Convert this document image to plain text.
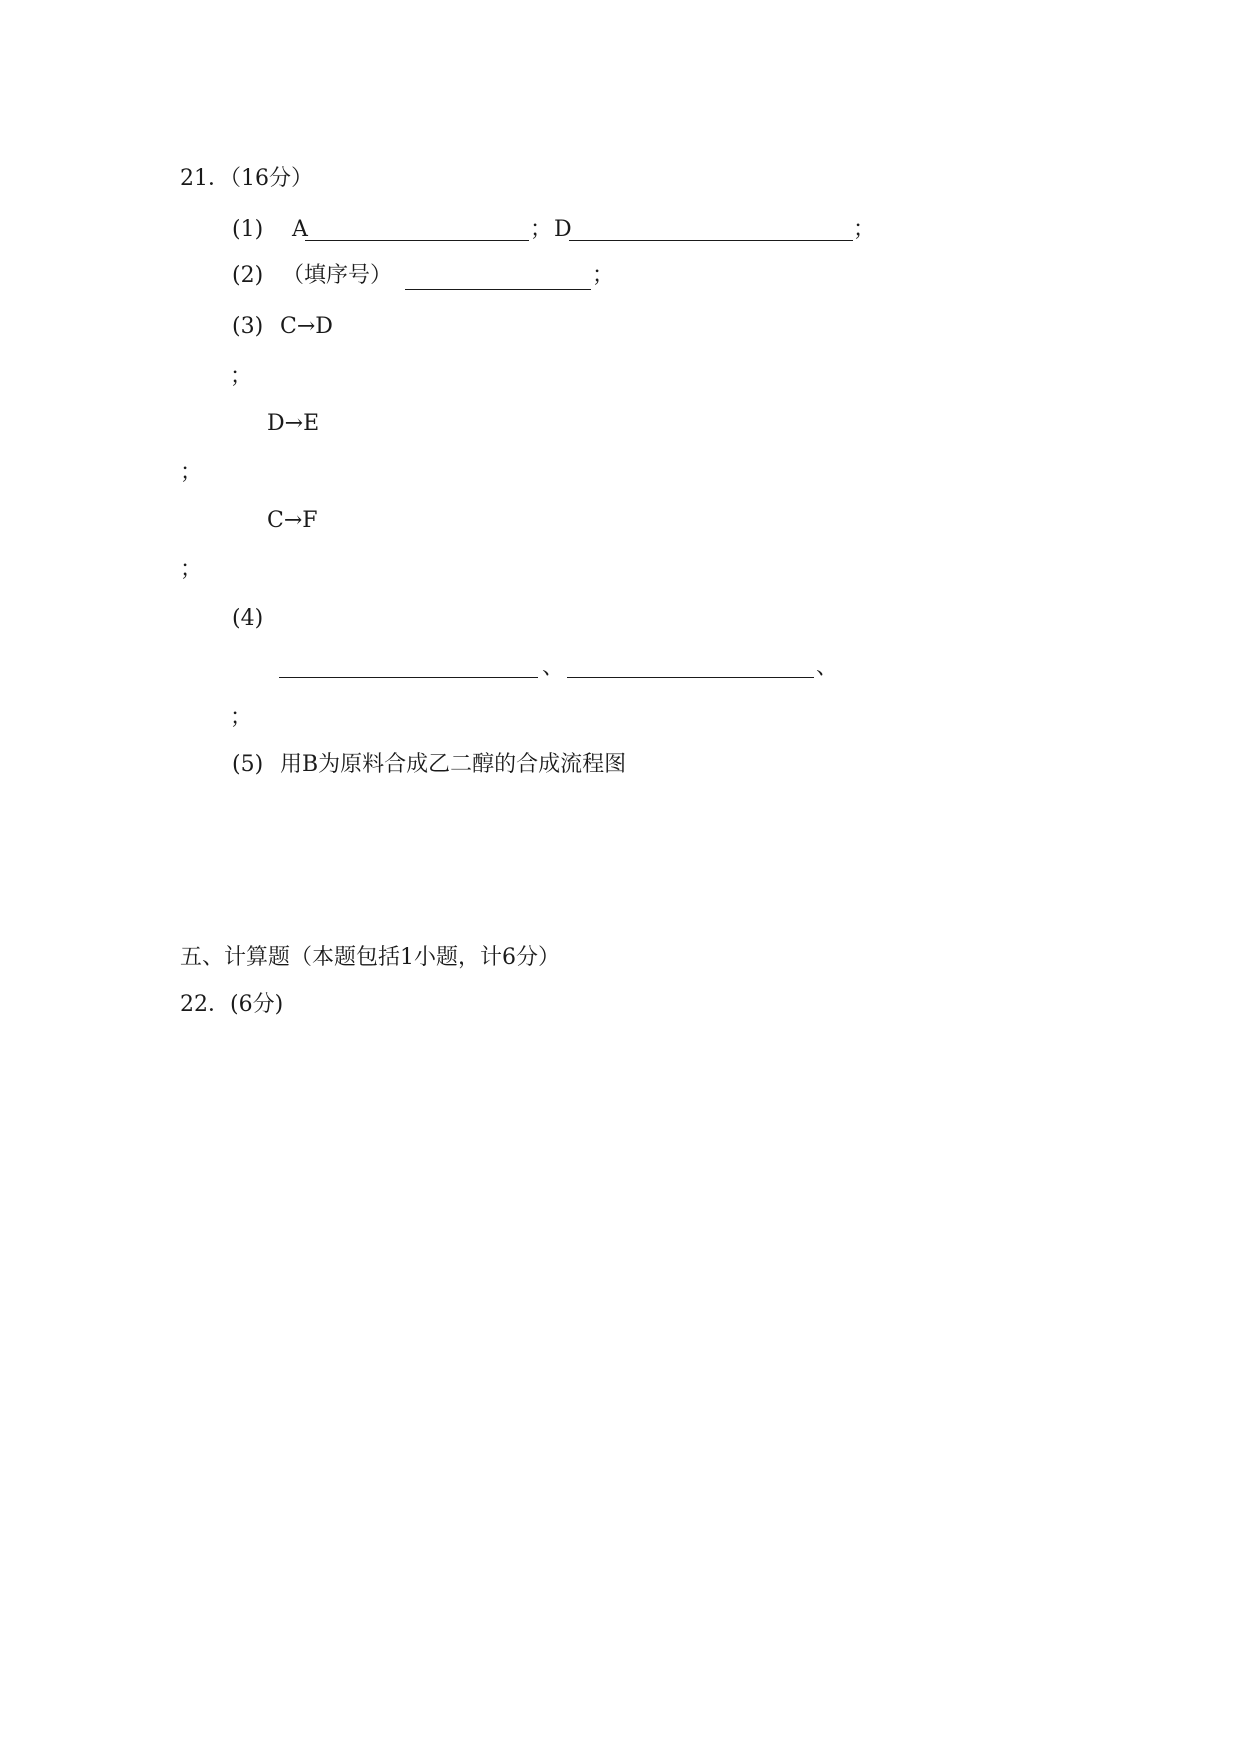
21．（16分）
(1) A	； D	；
(2) （填序号）	；
(3) C→D
；
D→E
；
C→F
；
(4)
、	、
；
(5) 用B为原料合成乙二醇的合成流程图
五、计算题（本题包括1小题，计6分）
22．(6分)
